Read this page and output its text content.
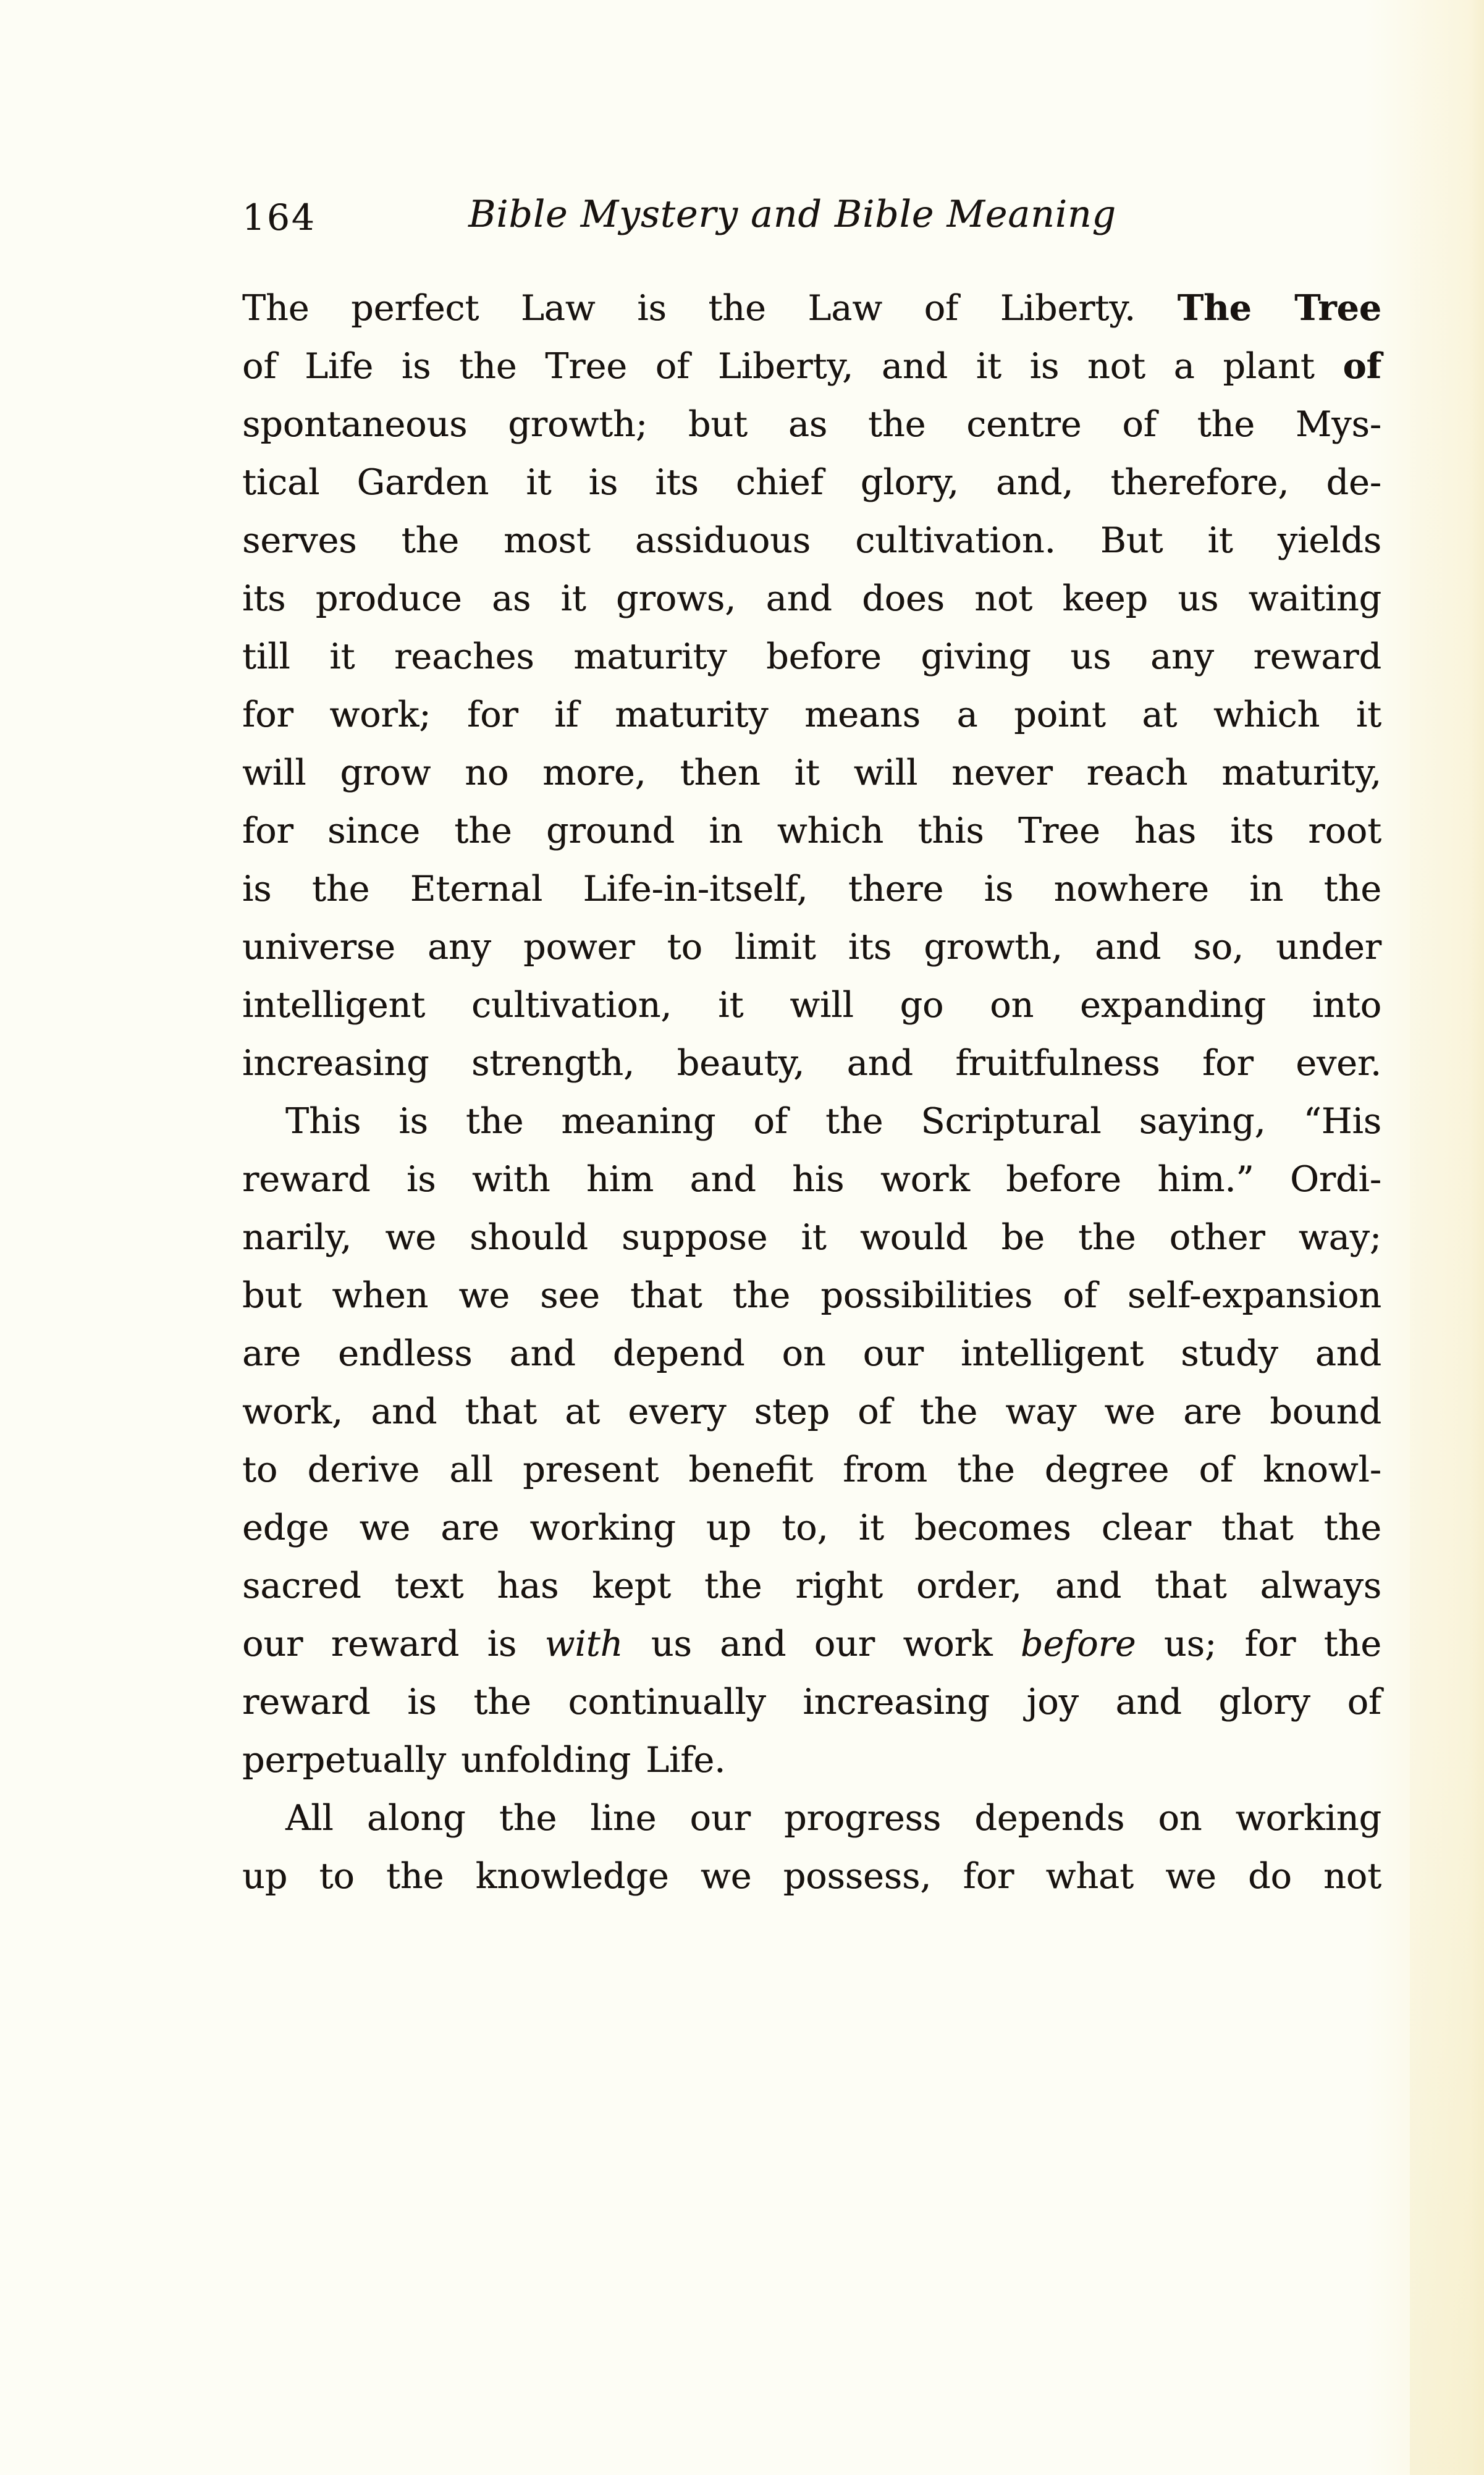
164	Bible Mystery and Bible Meaning
The perfect Law is the Law of Liberty. The Tree
of Life is the Tree of Liberty, and it is not a plant of
spontaneous growth; but as the centre of the Mys-
tical Garden it is its chief glory, and, therefore, de-
serves the most assiduous cultivation. But it yields
its produce as it grows, and does not keep us waiting
till it reaches maturity before giving us any reward
for work; for if maturity means a point at which it
will grow no more, then it will never reach maturity,
for since the ground in which this Tree has its root
is the Eternal Life-in-itself, there is nowhere in the
universe any power to limit its growth, and so, under
intelligent cultivation, it will go on expanding into
increasing strength, beauty, and fruitfulness for ever.
This is the meaning of the Scriptural saying, “His
reward is with him and his work before him.” Ordi-
narily, we should suppose it would be the other way;
but when we see that the possibilities of self-expansion
are endless and depend on our intelligent study and
work, and that at every step of the way we are bound
to derive all present benefit from the degree of knowl-
edge we are working up to, it becomes clear that the
sacred text has kept the right order, and that always
our reward is with us and our work before us; for the
reward is the continually increasing joy and glory of
perpetually unfolding Life.
All along the line our progress depends on working
up to the knowledge we possess, for what we do not
